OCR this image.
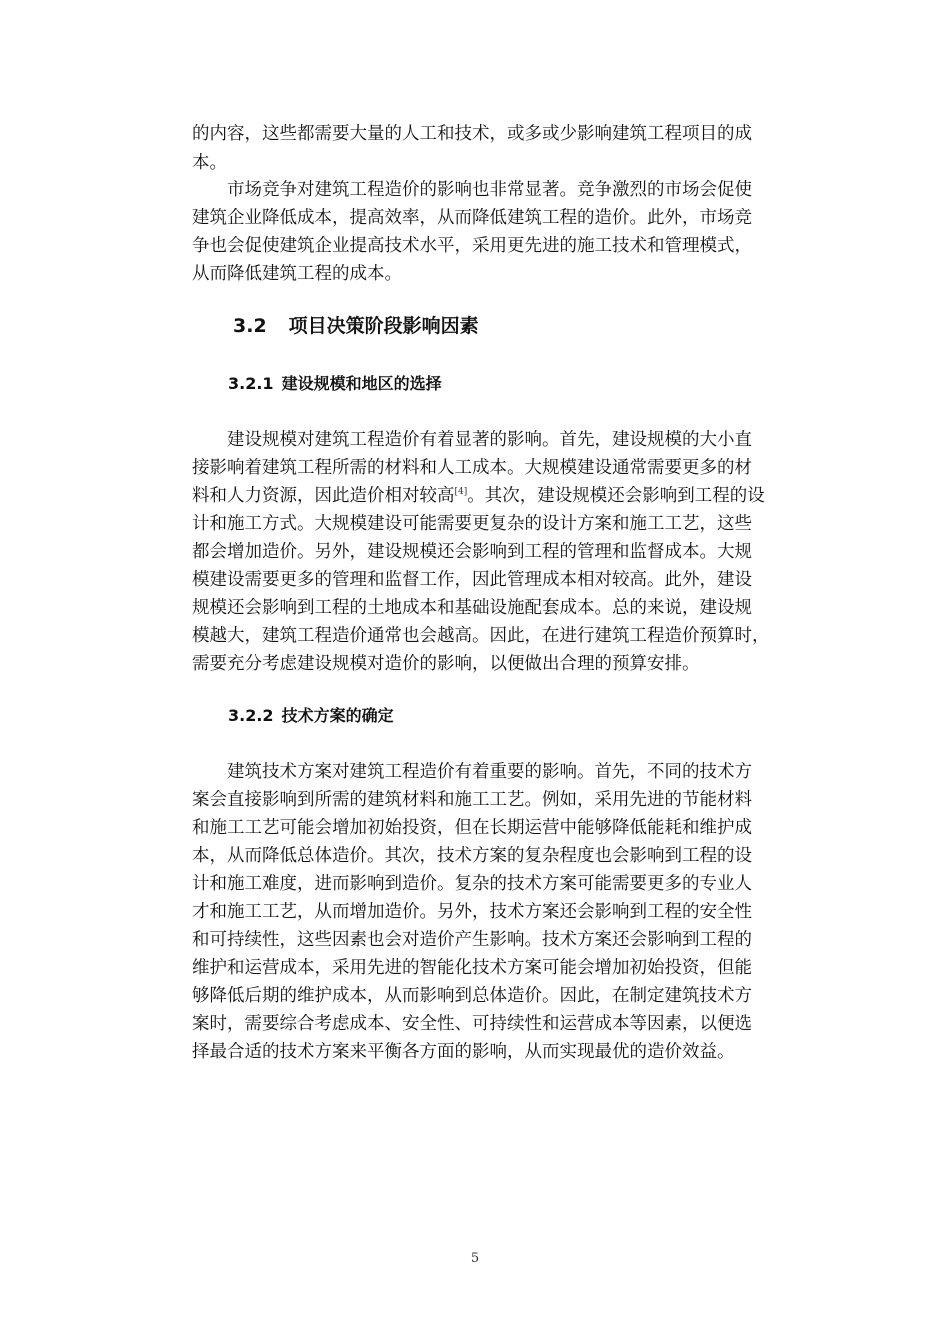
的内容，这些都需要大量的人工和技术，或多或少影响建筑工程项目的成
本。
　　市场竞争对建筑工程造价的影响也非常显著。竞争激烈的市场会促使
建筑企业降低成本，提高效率，从而降低建筑工程的造价。此外，市场竞
争也会促使建筑企业提高技术水平，采用更先进的施工技术和管理模式，
从而降低建筑工程的成本。
3.2 项目决策阶段影响因素
3.2.1 建设规模和地区的选择
　　建设规模对建筑工程造价有着显著的影响。首先，建设规模的大小直
接影响着建筑工程所需的材料和人工成本。大规模建设通常需要更多的材
料和人力资源，因此造价相对较高[4]。其次，建设规模还会影响到工程的设
计和施工方式。大规模建设可能需要更复杂的设计方案和施工工艺，这些
都会增加造价。另外，建设规模还会影响到工程的管理和监督成本。大规
模建设需要更多的管理和监督工作，因此管理成本相对较高。此外，建设
规模还会影响到工程的土地成本和基础设施配套成本。总的来说，建设规
模越大，建筑工程造价通常也会越高。因此，在进行建筑工程造价预算时，
需要充分考虑建设规模对造价的影响，以便做出合理的预算安排。
3.2.2 技术方案的确定
　　建筑技术方案对建筑工程造价有着重要的影响。首先，不同的技术方
案会直接影响到所需的建筑材料和施工工艺。例如，采用先进的节能材料
和施工工艺可能会增加初始投资，但在长期运营中能够降低能耗和维护成
本，从而降低总体造价。其次，技术方案的复杂程度也会影响到工程的设
计和施工难度，进而影响到造价。复杂的技术方案可能需要更多的专业人
才和施工工艺，从而增加造价。另外，技术方案还会影响到工程的安全性
和可持续性，这些因素也会对造价产生影响。技术方案还会影响到工程的
维护和运营成本，采用先进的智能化技术方案可能会增加初始投资，但能
够降低后期的维护成本，从而影响到总体造价。因此，在制定建筑技术方
案时，需要综合考虑成本、安全性、可持续性和运营成本等因素，以便选
择最合适的技术方案来平衡各方面的影响，从而实现最优的造价效益。
5
